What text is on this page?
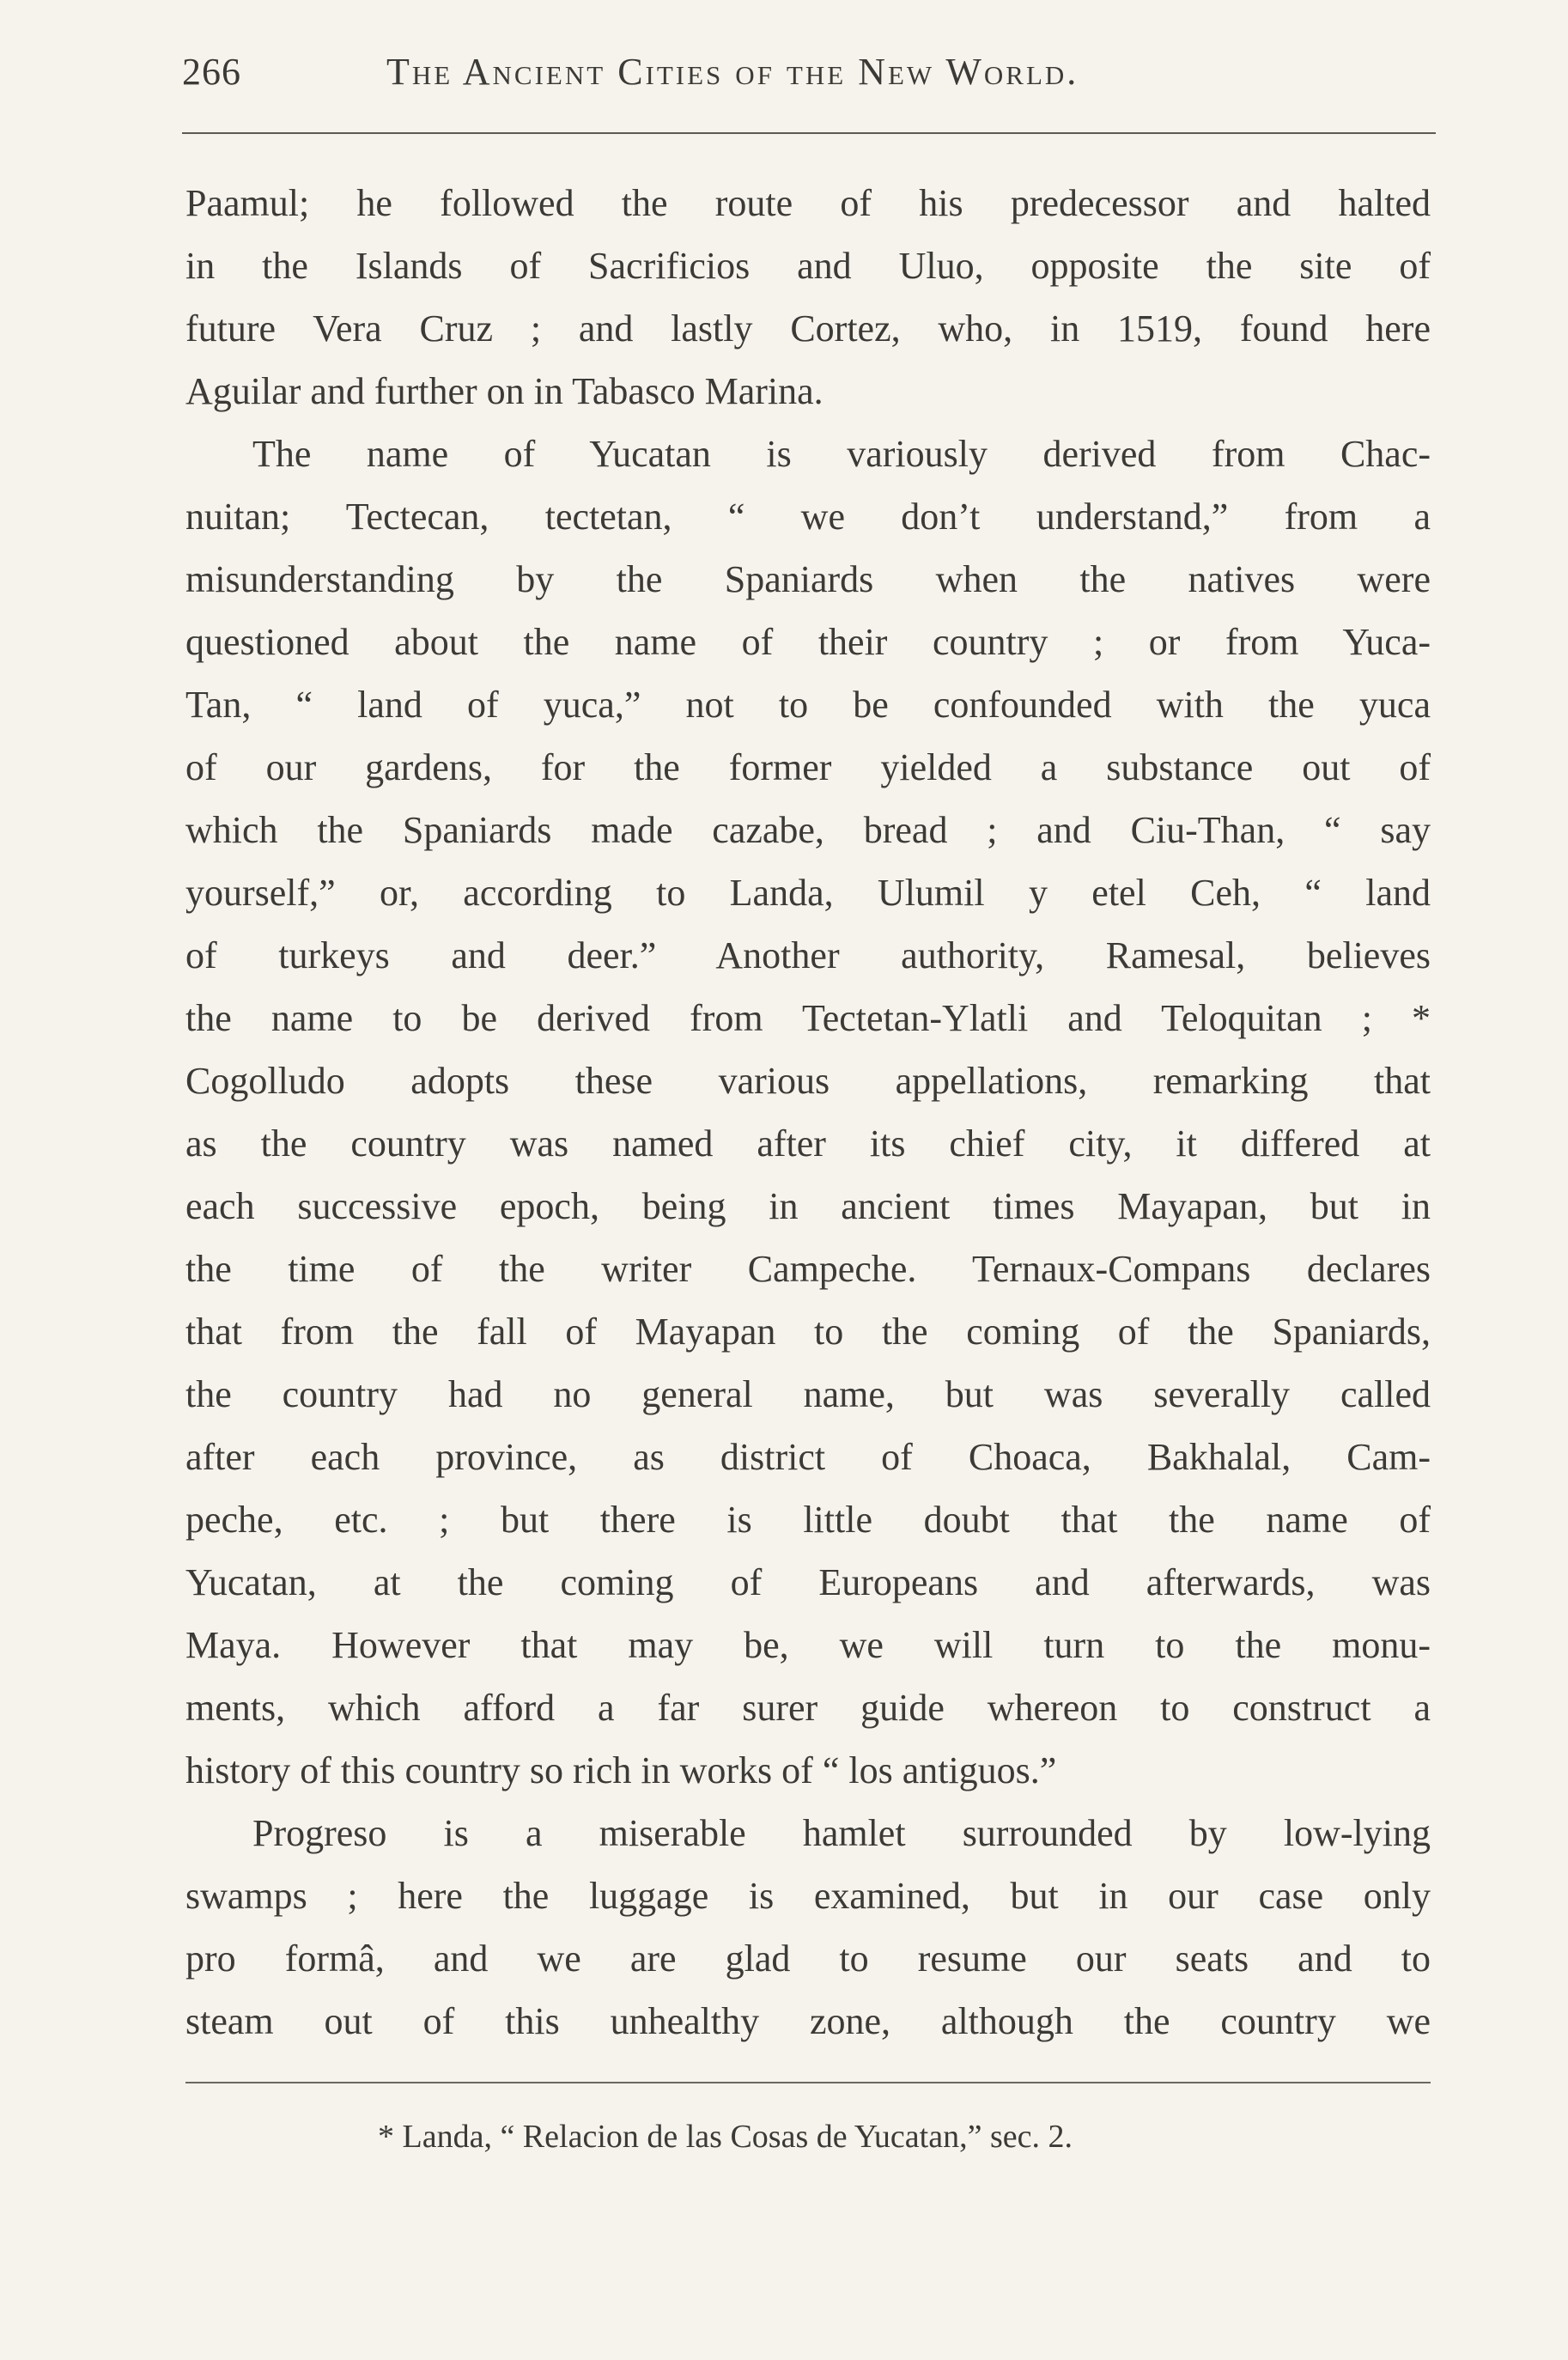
266	The Ancient Cities of the New World.
Paamul; he followed the route of his predecessor and halted
in the Islands of Sacrificios and Uluo, opposite the site of
future Vera Cruz ; and lastly Cortez, who, in 1519, found here
Aguilar and further on in Tabasco Marina.
The name of Yucatan is variously derived from Chac-
nuitan; Tectecan, tectetan, “ we don’t understand,” from a
misunderstanding by the Spaniards when the natives were
questioned about the name of their country ; or from Yuca-
Tan, “ land of yuca,” not to be confounded with the yuca
of our gardens, for the former yielded a substance out of
which the Spaniards made cazabe, bread ; and Ciu-Than, “ say
yourself,” or, according to Landa, Ulumil y etel Ceh, “ land
of turkeys and deer.” Another authority, Ramesal, believes
the name to be derived from Tectetan-Ylatli and Teloquitan ; *
Cogolludo adopts these various appellations, remarking that
as the country was named after its chief city, it differed at
each successive epoch, being in ancient times Mayapan, but in
the time of the writer Campeche. Ternaux-Compans declares
that from the fall of Mayapan to the coming of the Spaniards,
the country had no general name, but was severally called
after each province, as district of Choaca, Bakhalal, Cam-
peche, etc. ; but there is little doubt that the name of
Yucatan, at the coming of Europeans and afterwards, was
Maya. However that may be, we will turn to the monu-
ments, which afford a far surer guide whereon to construct a
history of this country so rich in works of “ los antiguos.”
Progreso is a miserable hamlet surrounded by low-lying
swamps ; here the luggage is examined, but in our case only
pro formâ, and we are glad to resume our seats and to
steam out of this unhealthy zone, although the country we
* Landa, “ Relacion de las Cosas de Yucatan,” sec. 2.
